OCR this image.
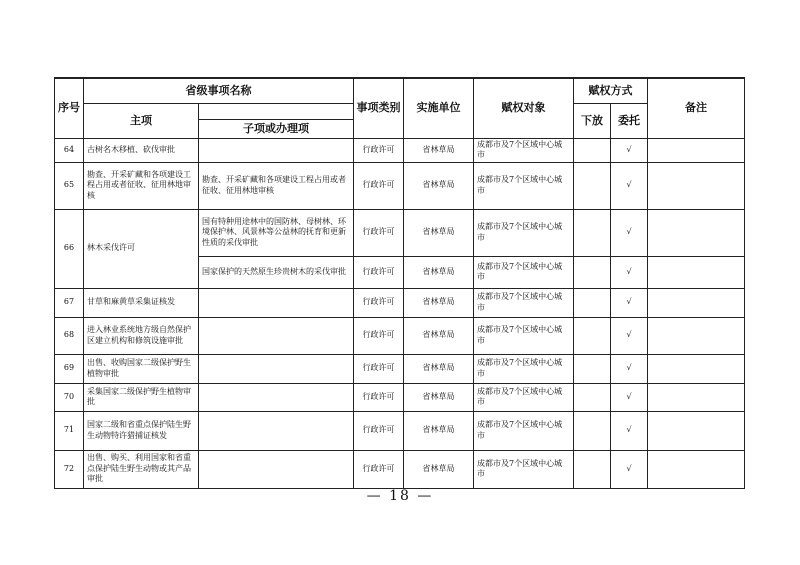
序号	省级事项名称		事项类别	实施单位	赋权对象	赋权方式		备注
	主项					下放	委托	
		子项或办理项						
64	古树名木移植、砍伐审批		行政许可	省林草局	成都市及7个区域中心城市		√	
65	勘查、开采矿藏和各项建设工程占用或者征收、征用林地审核	勘查、开采矿藏和各项建设工程占用或者征收、征用林地审核	行政许可	省林草局	成都市及7个区域中心城市		√	
66	林木采伐许可	国有特种用途林中的国防林、母树林、环境保护林、风景林等公益林的抚育和更新性质的采伐审批	行政许可	省林草局	成都市及7个区域中心城市		√	
		国家保护的天然原生珍贵树木的采伐审批	行政许可	省林草局	成都市及7个区域中心城市		√	
67	甘草和麻黄草采集证核发		行政许可	省林草局	成都市及7个区域中心城市		√	
68	进入林业系统地方级自然保护区建立机构和修筑设施审批		行政许可	省林草局	成都市及7个区域中心城市		√	
69	出售、收购国家二级保护野生植物审批		行政许可	省林草局	成都市及7个区域中心城市		√	
70	采集国家二级保护野生植物审批		行政许可	省林草局	成都市及7个区域中心城市		√	
71	国家二级和省重点保护陆生野生动物特许猎捕证核发		行政许可	省林草局	成都市及7个区域中心城市		√	
72	出售、购买、利用国家和省重点保护陆生野生动物或其产品审批		行政许可	省林草局	成都市及7个区域中心城市		√	
— 18 —
